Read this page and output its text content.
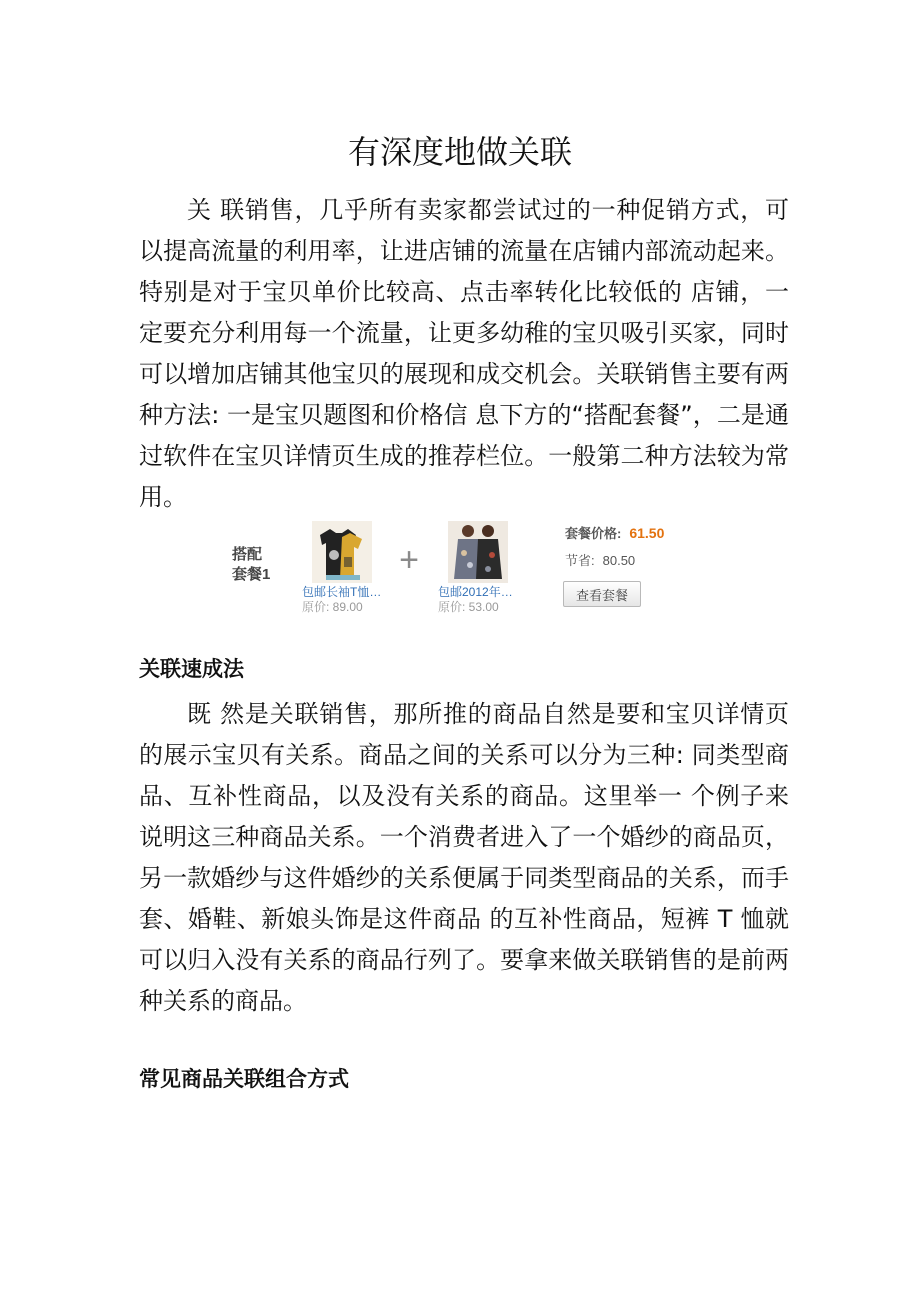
有深度地做关联

关 联销售，几乎所有卖家都尝试过的一种促销方式，可以提高流量的利用率，让进店铺的流量在店铺内部流动起来。特别是对于宝贝单价比较高、点击率转化比较低的 店铺，一定要充分利用每一个流量，让更多幼稚的宝贝吸引买家，同时可以增加店铺其他宝贝的展现和成交机会。关联销售主要有两种方法: 一是宝贝题图和价格信 息下方的“搭配套餐”，二是通过软件在宝贝详情页生成的推荐栏位。一般第二种方法较为常用。

搭配
套餐1
包邮长袖T恤…
原价: 89.00
+
包邮2012年…
原价: 53.00
套餐价格: 61.50
节省: 80.50
查看套餐
关联速成法

既 然是关联销售，那所推的商品自然是要和宝贝详情页的展示宝贝有关系。商品之间的关系可以分为三种: 同类型商品、互补性商品，以及没有关系的商品。这里举一 个例子来说明这三种商品关系。一个消费者进入了一个婚纱的商品页，另一款婚纱与这件婚纱的关系便属于同类型商品的关系，而手套、婚鞋、新娘头饰是这件商品 的互补性商品，短裤 T 恤就可以归入没有关系的商品行列了。要拿来做关联销售的是前两种关系的商品。

常见商品关联组合方式
